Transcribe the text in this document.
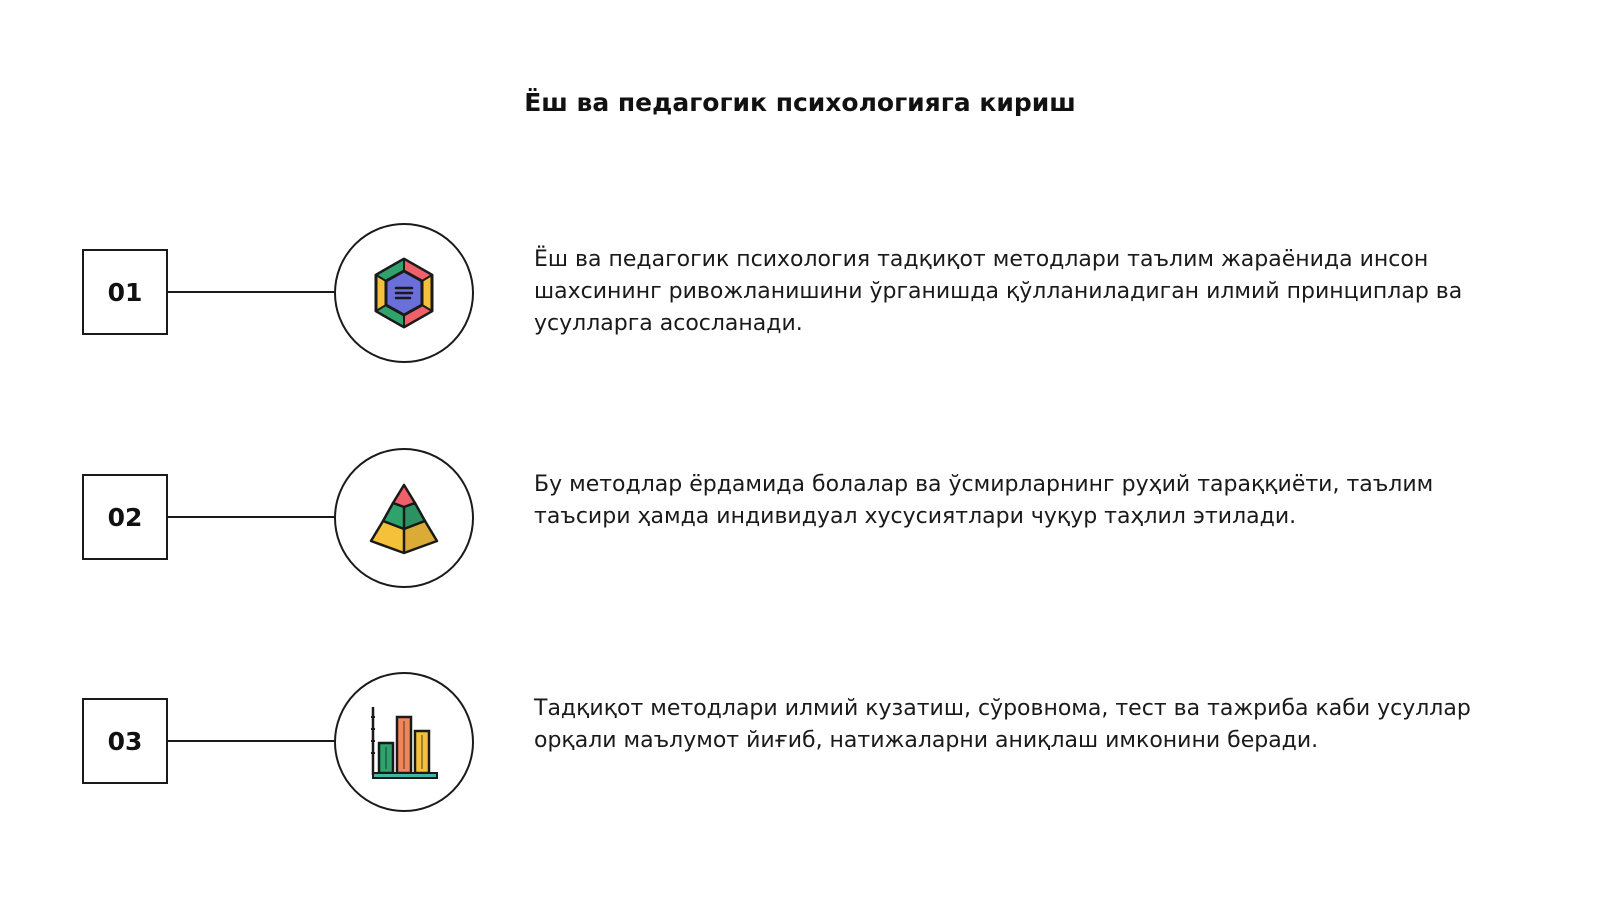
Ёш ва педагогик психологияга кириш
01

Ёш ва педагогик психология тадқиқот методлари таълим жараёнида инсон шахсининг ривожланишини ўрганишда қўлланиладиган илмий принциплар ва усулларга асосланади.

02

Бу методлар ёрдамида болалар ва ўсмирларнинг руҳий тараққиёти, таълим таъсири ҳамда индивидуал хусусиятлари чуқур таҳлил этилади.

03

Тадқиқот методлари илмий кузатиш, сўровнома, тест ва тажриба каби усуллар орқали маълумот йиғиб, натижаларни аниқлаш имконини беради.
